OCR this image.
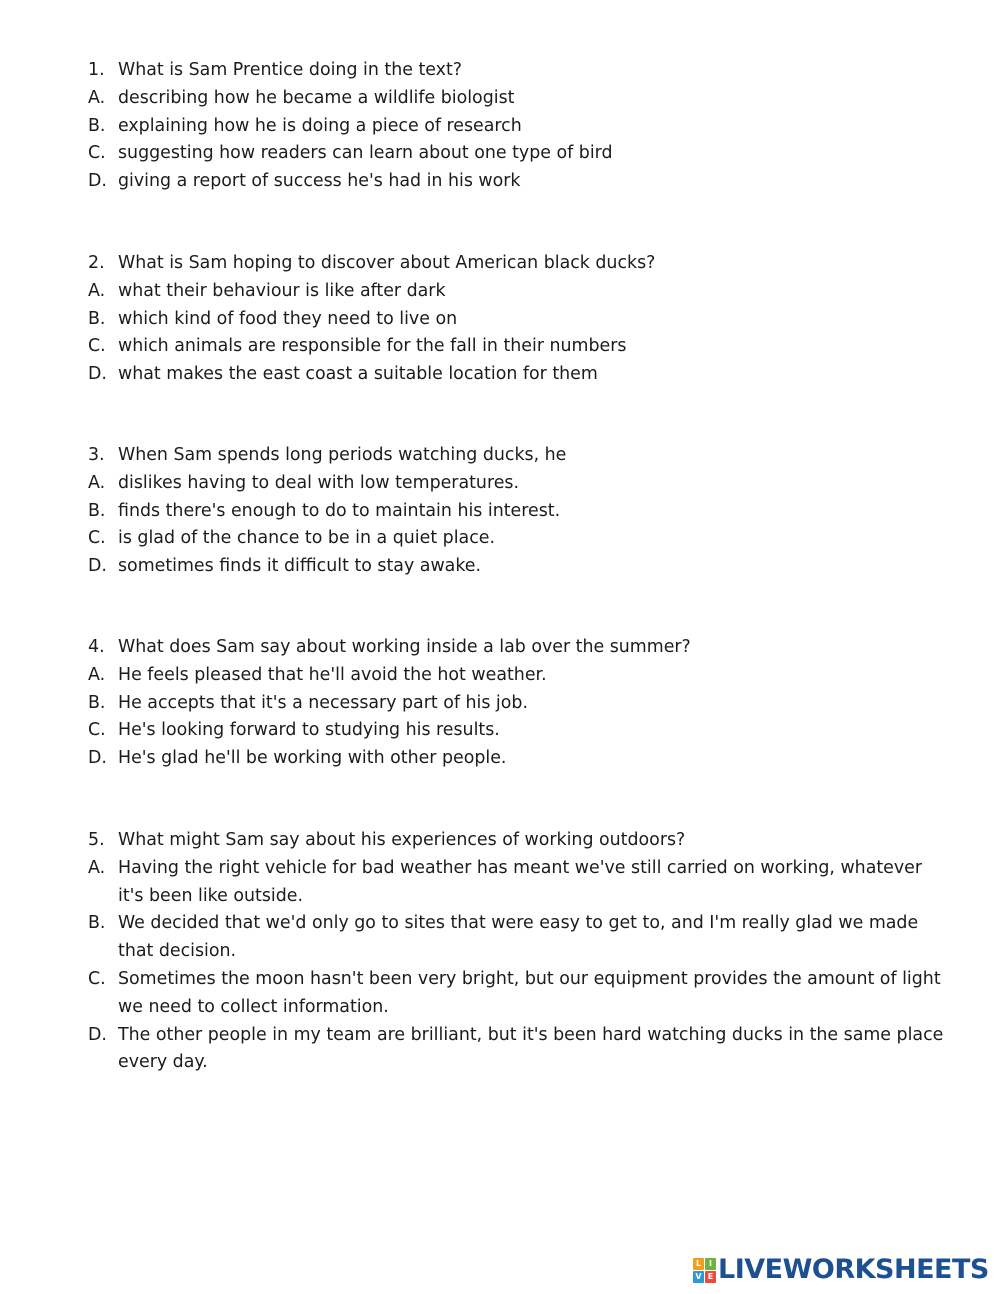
1. What is Sam Prentice doing in the text?
A. describing how he became a wildlife biologist
B. explaining how he is doing a piece of research
C. suggesting how readers can learn about one type of bird
D. giving a report of success he's had in his work
2. What is Sam hoping to discover about American black ducks?
A. what their behaviour is like after dark
B. which kind of food they need to live on
C. which animals are responsible for the fall in their numbers
D. what makes the east coast a suitable location for them
3. When Sam spends long periods watching ducks, he
A. dislikes having to deal with low temperatures.
B. finds there's enough to do to maintain his interest.
C. is glad of the chance to be in a quiet place.
D. sometimes finds it difficult to stay awake.
4. What does Sam say about working inside a lab over the summer?
A. He feels pleased that he'll avoid the hot weather.
B. He accepts that it's a necessary part of his job.
C. He's looking forward to studying his results.
D. He's glad he'll be working with other people.
5. What might Sam say about his experiences of working outdoors?
A. Having the right vehicle for bad weather has meant we've still carried on working, whatever it's been like outside.
B. We decided that we'd only go to sites that were easy to get to, and I'm really glad we made that decision.
C. Sometimes the moon hasn't been very bright, but our equipment provides the amount of light we need to collect information.
D. The other people in my team are brilliant, but it's been hard watching ducks in the same place every day.
L I
V E LIVEWORKSHEETS
